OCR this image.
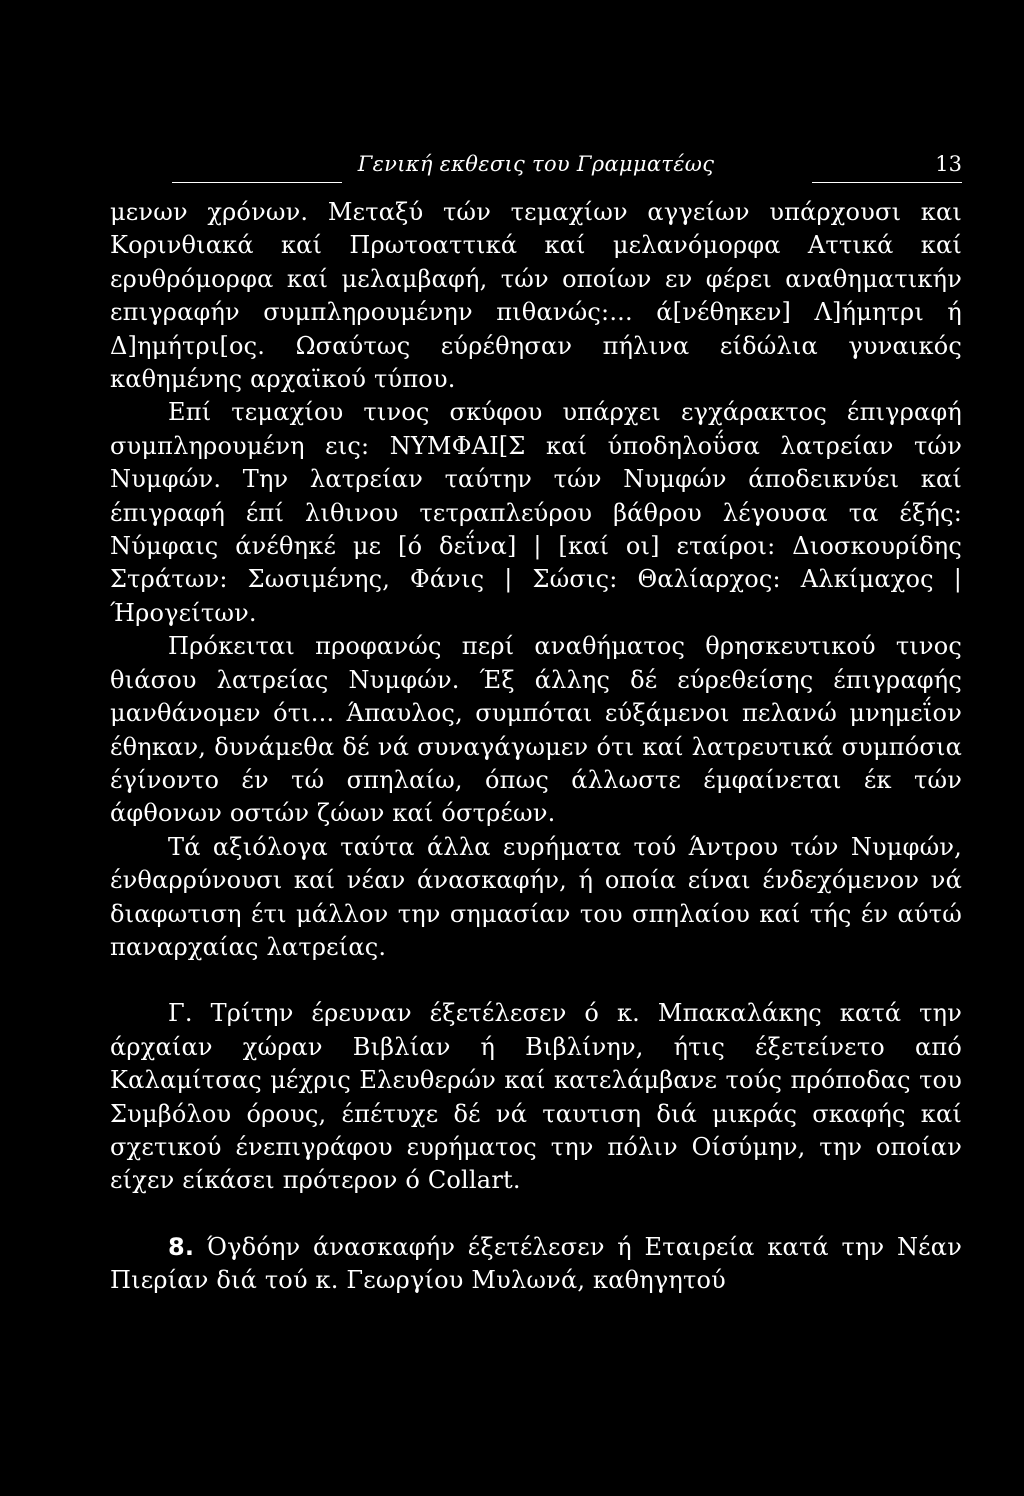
Γενική εκθεσις του Γραμματέως	13

μενων χρόνων. Μεταξύ τών τεμαχίων αγγείων υπάρχουσι και Κορινθιακά καί Πρωτοαττικά καί μελανόμορφα Αττικά καί ερυθρόμορφα καί μελαμβαφή, τών οποίων εν φέρει αναθηματικήν επιγραφήν συμπληρουμένην πιθανώς:... ά[νέθηκεν] Λ]ήμητρι ή Δ]ημήτρι[ος. Ωσαύτως εύρέθησαν πήλινα είδώλια γυναικός καθημένης αρχαϊκού τύπου.

Επί τεμαχίου τινος σκύφου υπάρχει εγχάρακτος έπιγραφή συμπληρουμένη εις: ΝΥΜΦΑΙ[Σ καί ύποδηλοΰσα λατρείαν τών Νυμφών. Την λατρείαν ταύτην τών Νυμφών άποδεικνύει καί έπιγραφή έπί λιθινου τετραπλεύρου βάθρου λέγουσα τα έξής: Νύμφαις άνέθηκέ με [ό δεΐνα] | [καί οι] εταίροι: Διοσκουρίδης Στράτων: Σωσιμένης, Φάνις | Σώσις: Θαλίαρχος: Αλκίμαχος | Ήρογείτων.

Πρόκειται προφανώς περί αναθήματος θρησκευτικού τινος θιάσου λατρείας Νυμφών. Έξ άλλης δέ εύρεθείσης έπιγραφής μανθάνομεν ότι... Άπαυλος, συμπόται εύξάμενοι πελανώ μνημεΐον έθηκαν, δυνάμεθα δέ νά συναγάγωμεν ότι καί λατρευτικά συμπόσια έγίνοντο έν τώ σπηλαίω, όπως άλλωστε έμφαίνεται έκ τών άφθονων οστών ζώων καί όστρέων.

Τά αξιόλογα ταύτα άλλα ευρήματα τού Άντρου τών Νυμφών, ένθαρρύνουσι καί νέαν άνασκαφήν, ή οποία είναι ένδεχόμενον νά διαφωτιση έτι μάλλον την σημασίαν του σπηλαίου καί τής έν αύτώ παναρχαίας λατρείας.

Γ. Τρίτην έρευναν έξετέλεσεν ό κ. Μπακαλάκης κατά την άρχαίαν χώραν Βιβλίαν ή Βιβλίνην, ήτις έξετείνετο από Καλαμίτσας μέχρις Ελευθερών καί κατελάμβανε τούς πρόποδας του Συμβόλου όρους, έπέτυχε δέ νά ταυτιση διά μικράς σκαφής καί σχετικού ένεπιγράφου ευρήματος την πόλιν Οίσύμην, την οποίαν είχεν είκάσει πρότερον ό Collart.

8. Όγδόην άνασκαφήν έξετέλεσεν ή Εταιρεία κατά την Νέαν Πιερίαν διά τού κ. Γεωργίου Μυλωνά, καθηγητού
